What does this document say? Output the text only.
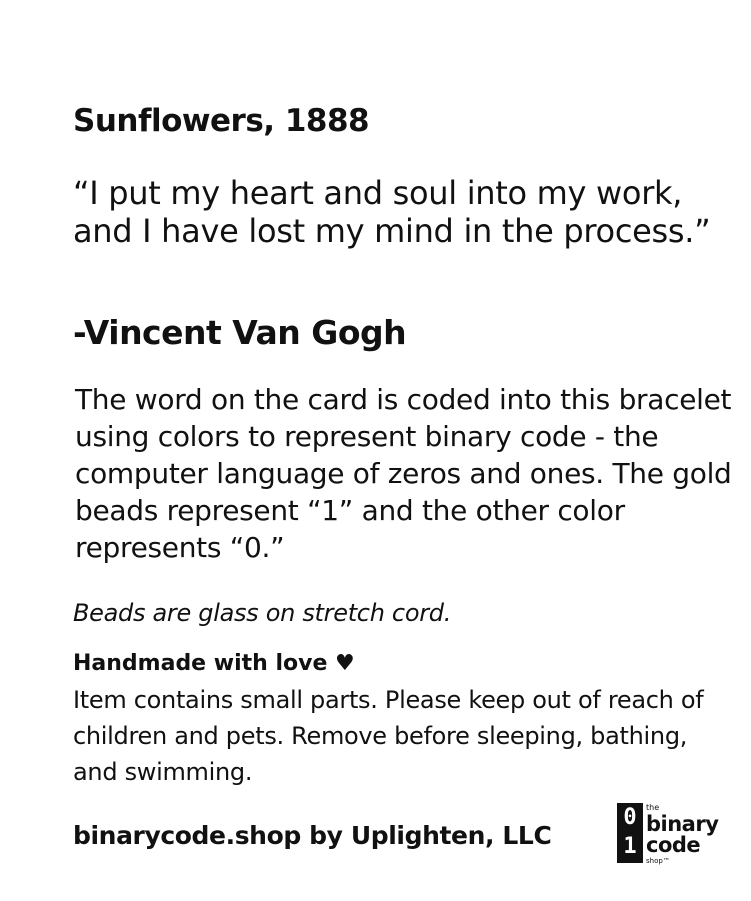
Sunflowers, 1888
“I put my heart and soul into my work, and I have lost my mind in the process.”
-Vincent Van Gogh
The word on the card is coded into this bracelet using colors to represent binary code - the computer language of zeros and ones. The gold beads represent “1” and the other color represents “0.”
Beads are glass on stretch cord.
Handmade with love ♥
Item contains small parts. Please keep out of reach of children and pets. Remove before sleeping, bathing, and swimming.
binarycode.shop by Uplighten, LLC
0
1
the
binary
code
shop™
